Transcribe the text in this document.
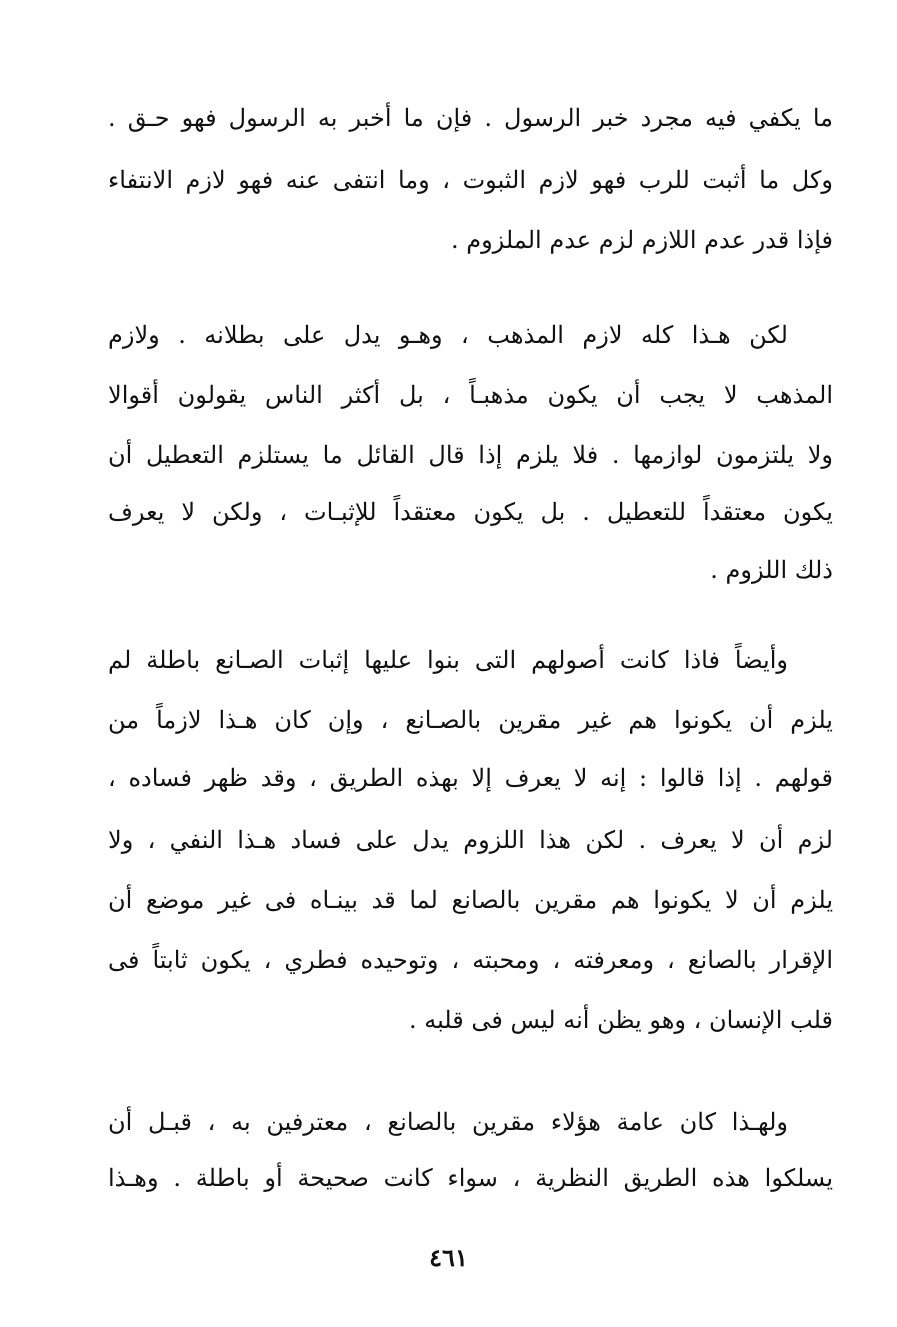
ما يكفي فيه مجرد خبر الرسول . فإن ما أخبر به الرسول فهو حـق .
وكل ما أثبت للرب فهو لازم الثبوت ، وما انتفى عنه فهو لازم الانتفاء
فإذا قدر عدم اللازم لزم عدم الملزوم .
لكن هـذا كله لازم المذهب ، وهـو يدل على بطلانه . ولازم
المذهب لا يجب أن يكون مذهبـاً ، بل أكثر الناس يقولون أقوالا
ولا يلتزمون لوازمها . فلا يلزم إذا قال القائل ما يستلزم التعطيل أن
يكون معتقداً للتعطيل . بل يكون معتقداً للإثبـات ، ولكن لا يعرف
ذلك اللزوم .
وأيضاً فاذا كانت أصولهم التى بنوا عليها إثبات الصـانع باطلة لم
يلزم أن يكونوا هم غير مقرين بالصـانع ، وإن كان هـذا لازماً من
قولهم . إذا قالوا : إنه لا يعرف إلا بهذه الطريق ، وقد ظهر فساده ،
لزم أن لا يعرف . لكن هذا اللزوم يدل على فساد هـذا النفي ، ولا
يلزم أن لا يكونوا هم مقرين بالصانع لما قد بينـاه فى غير موضع أن
الإقرار بالصانع ، ومعرفته ، ومحبته ، وتوحيده فطري ، يكون ثابتاً فى
قلب الإنسان ، وهو يظن أنه ليس فى قلبه .
ولهـذا كان عامة هؤلاء مقرين بالصانع ، معترفين به ، قبـل أن
يسلكوا هذه الطريق النظرية ، سواء كانت صحيحة أو باطلة . وهـذا
٤٦١
